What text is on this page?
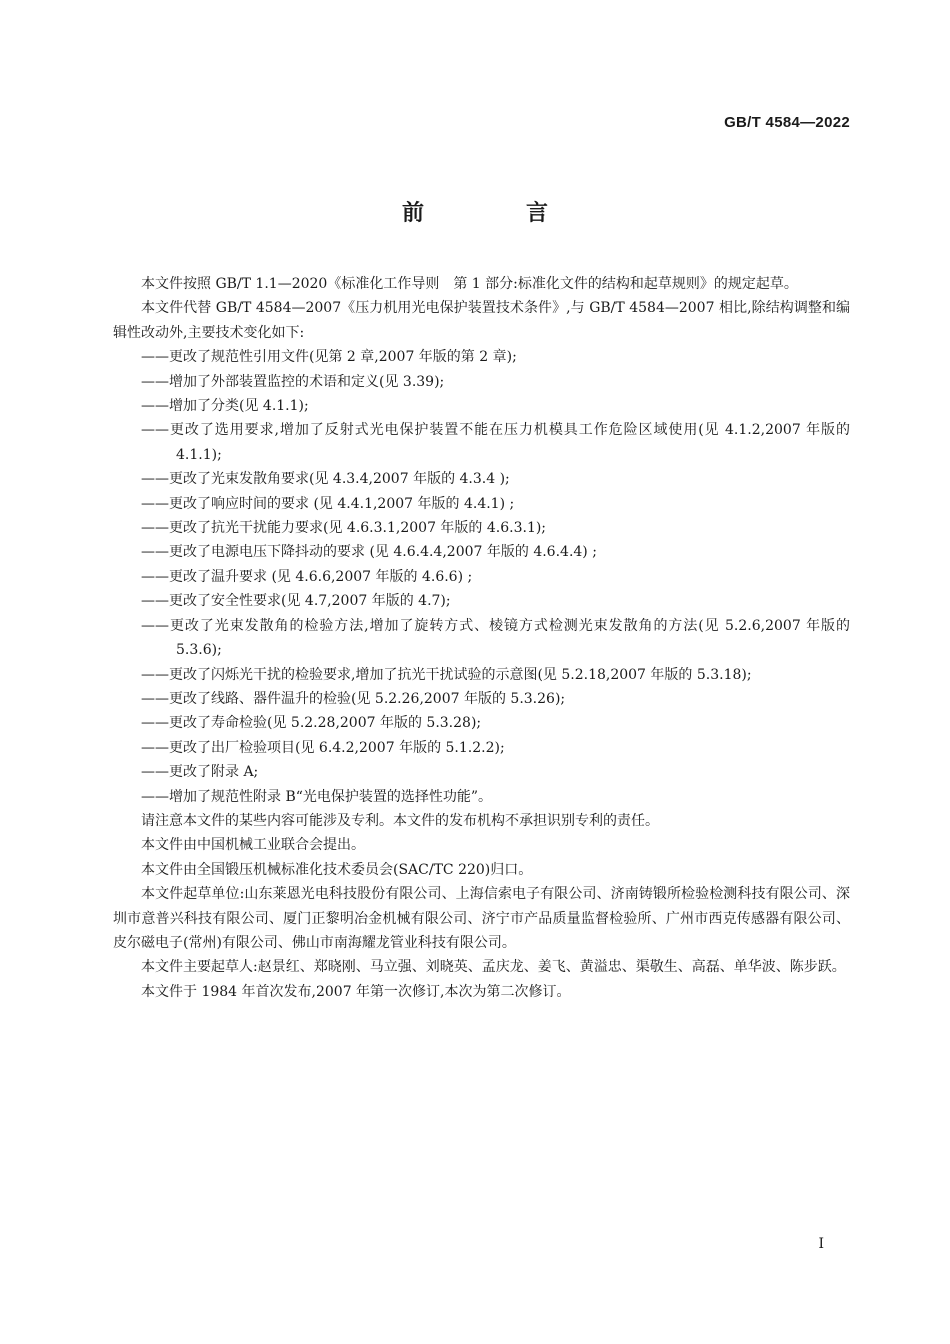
GB/T 4584—2022
前　言

本文件按照 GB/T 1.1—2020《标准化工作导则　第 1 部分:标准化文件的结构和起草规则》的规定起草。

本文件代替 GB/T 4584—2007《压力机用光电保护装置技术条件》,与 GB/T 4584—2007 相比,除结构调整和编辑性改动外,主要技术变化如下:

——更改了规范性引用文件(见第 2 章,2007 年版的第 2 章);
——增加了外部装置监控的术语和定义(见 3.39);
——增加了分类(见 4.1.1);
——更改了选用要求,增加了反射式光电保护装置不能在压力机模具工作危险区域使用(见 4.1.2,2007 年版的 4.1.1);
——更改了光束发散角要求(见 4.3.4,2007 年版的 4.3.4 );
——更改了响应时间的要求 (见 4.4.1,2007 年版的 4.4.1) ;
——更改了抗光干扰能力要求(见 4.6.3.1,2007 年版的 4.6.3.1);
——更改了电源电压下降抖动的要求 (见 4.6.4.4,2007 年版的 4.6.4.4) ;
——更改了温升要求 (见 4.6.6,2007 年版的 4.6.6) ;
——更改了安全性要求(见 4.7,2007 年版的 4.7);
——更改了光束发散角的检验方法,增加了旋转方式、棱镜方式检测光束发散角的方法(见 5.2.6,2007 年版的 5.3.6);
——更改了闪烁光干扰的检验要求,增加了抗光干扰试验的示意图(见 5.2.18,2007 年版的 5.3.18);
——更改了线路、器件温升的检验(见 5.2.26,2007 年版的 5.3.26);
——更改了寿命检验(见 5.2.28,2007 年版的 5.3.28);
——更改了出厂检验项目(见 6.4.2,2007 年版的 5.1.2.2);
——更改了附录 A;
——增加了规范性附录 B“光电保护装置的选择性功能”。

请注意本文件的某些内容可能涉及专利。本文件的发布机构不承担识别专利的责任。

本文件由中国机械工业联合会提出。

本文件由全国锻压机械标准化技术委员会(SAC/TC 220)归口。

本文件起草单位:山东莱恩光电科技股份有限公司、上海信索电子有限公司、济南铸锻所检验检测科技有限公司、深圳市意普兴科技有限公司、厦门正黎明冶金机械有限公司、济宁市产品质量监督检验所、广州市西克传感器有限公司、皮尔磁电子(常州)有限公司、佛山市南海耀龙管业科技有限公司。

本文件主要起草人:赵景红、郑晓刚、马立强、刘晓英、孟庆龙、姜飞、黄溢忠、渠敬生、高磊、单华波、陈步跃。

本文件于 1984 年首次发布,2007 年第一次修订,本次为第二次修订。

I
